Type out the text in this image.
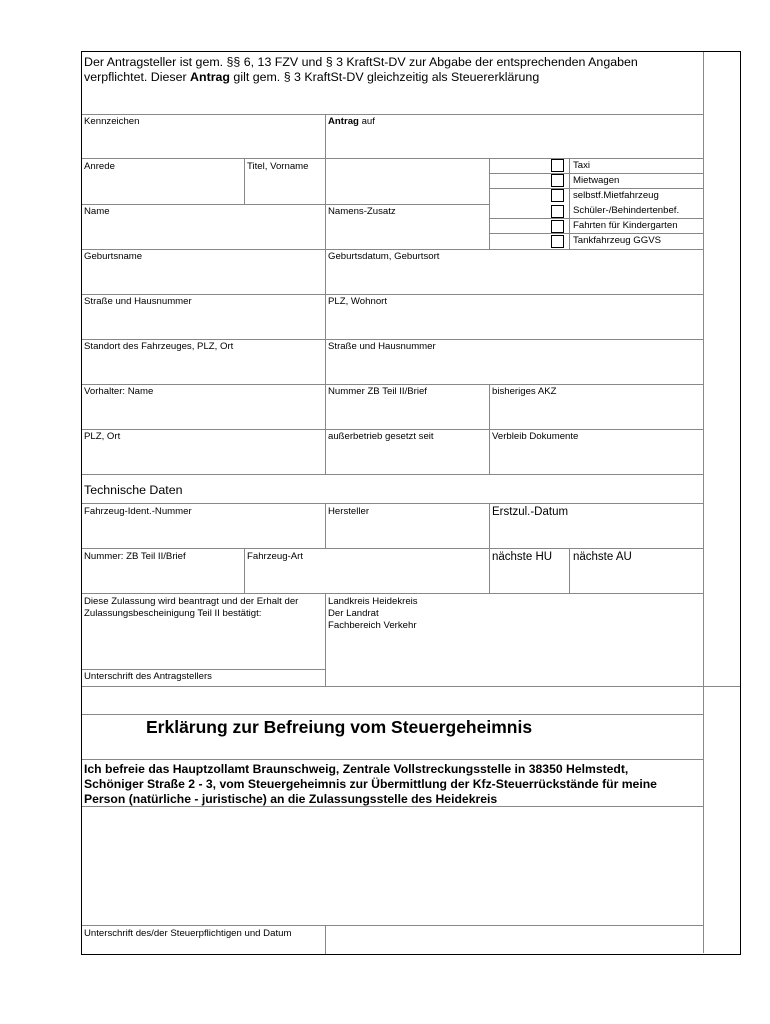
Der Antragsteller ist gem. §§ 6, 13 FZV und § 3 KraftSt-DV zur Abgabe der entsprechenden Angaben
verpflichtet. Dieser Antrag gilt gem. § 3 KraftSt-DV gleichzeitig als Steuererklärung
Kennzeichen	Antrag auf
Anrede	Titel, Vorname
Name	Namens-Zusatz
Taxi
Mietwagen
selbstf.Mietfahrzeug
Schüler-/Behindertenbef.
Fahrten für Kindergarten
Tankfahrzeug GGVS
Geburtsname	Geburtsdatum, Geburtsort
Straße und Hausnummer	PLZ, Wohnort
Standort des Fahrzeuges, PLZ, Ort	Straße und Hausnummer
Vorhalter: Name	Nummer ZB Teil II/Brief	bisheriges AKZ
PLZ, Ort	außerbetrieb gesetzt seit	Verbleib Dokumente
Technische Daten
Fahrzeug-Ident.-Nummer	Hersteller	Erstzul.-Datum
Nummer: ZB Teil II/Brief	Fahrzeug-Art	nächste HU nächste AU
Diese Zulassung wird beantragt und der Erhalt der
Zulassungsbescheinigung Teil II bestätigt:
Unterschrift des Antragstellers
Landkreis Heidekreis
Der Landrat
Fachbereich Verkehr
Erklärung zur Befreiung vom Steuergeheimnis
Ich befreie das Hauptzollamt Braunschweig, Zentrale Vollstreckungsstelle in 38350 Helmstedt,
Schöniger Straße 2 - 3, vom Steuergeheimnis zur Übermittlung der Kfz-Steuerrückstände für meine
Person (natürliche - juristische) an die Zulassungsstelle des Heidekreis
Unterschrift des/der Steuerpflichtigen und Datum
